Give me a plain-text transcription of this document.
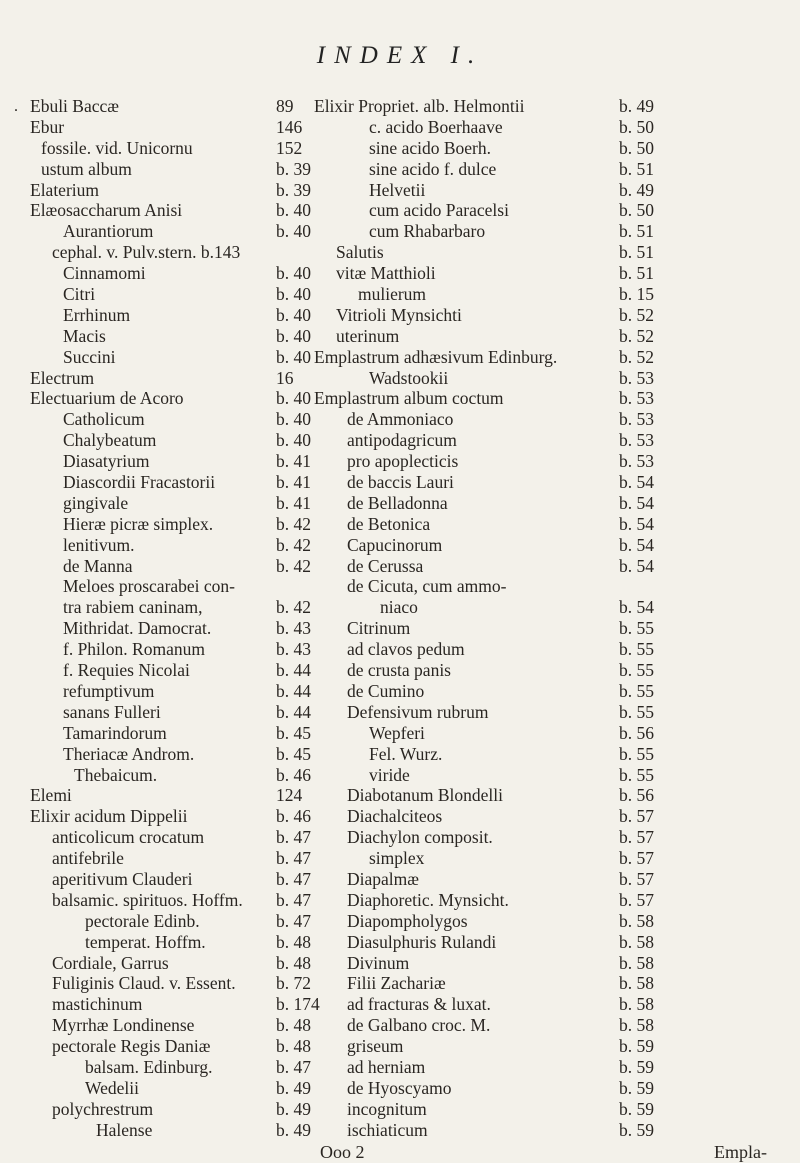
INDEX I.
. Ebuli Baccæ	89
Ebur	146
fossile. vid. Unicornu	152
ustum album	b. 39
Elaterium	b. 39
Elæosaccharum Anisi	b. 40
Aurantiorum	b. 40
cephal. v. Pulv.stern. b.143
Cinnamomi	b. 40
Citri	b. 40
Errhinum	b. 40
Macis	b. 40
Succini	b. 40
Electrum	16
Electuarium de Acoro	b. 40
Catholicum	b. 40
Chalybeatum	b. 40
Diasatyrium	b. 41
Diascordii Fracastorii	b. 41
gingivale	b. 41
Hieræ picræ simplex.	b. 42
lenitivum.	b. 42
de Manna	b. 42
Meloes proscarabei con-
tra rabiem caninam,	b. 42
Mithridat. Damocrat.	b. 43
f. Philon. Romanum	b. 43
f. Requies Nicolai	b. 44
refumptivum	b. 44
sanans Fulleri	b. 44
Tamarindorum	b. 45
Theriacæ Androm.	b. 45
Thebaicum.	b. 46
Elemi	124
Elixir acidum Dippelii	b. 46
anticolicum crocatum	b. 47
antifebrile	b. 47
aperitivum Clauderi	b. 47
balsamic. spirituos. Hoffm. b. 47
pectorale Edinb.	b. 47
temperat. Hoffm.	b. 48
Cordiale, Garrus	b. 48
Fuliginis Claud. v. Essent. b. 72
mastichinum	b. 174
Myrrhæ Londinense	b. 48
pectorale Regis Daniæ	b. 48
balsam. Edinburg.	b. 47
Wedelii	b. 49
polychrestrum	b. 49
Halense	b. 49
Elixir Propriet. alb. Helmontii	b. 49
c. acido Boerhaave	b. 50
sine acido Boerh.	b. 50
sine acido f. dulce	b. 51
Helvetii	b. 49
cum acido Paracelsi	b. 50
cum Rhabarbaro	b. 51
Salutis	b. 51
vitæ Matthioli	b. 51
mulierum	b. 15
Vitrioli Mynsichti	b. 52
uterinum	b. 52
Emplastrum adhæsivum Edinburg.	b. 52
Wadstookii	b. 53
Emplastrum album coctum	b. 53
de Ammoniaco	b. 53
antipodagricum	b. 53
pro apoplecticis	b. 53
de baccis Lauri	b. 54
de Belladonna	b. 54
de Betonica	b. 54
Capucinorum	b. 54
de Cerussa	b. 54
de Cicuta, cum ammo-
niaco	b. 54
Citrinum	b. 55
ad clavos pedum	b. 55
de crusta panis	b. 55
de Cumino	b. 55
Defensivum rubrum	b. 55
Wepferi	b. 56
Fel. Wurz.	b. 55
viride	b. 55
Diabotanum Blondelli	b. 56
Diachalciteos	b. 57
Diachylon composit.	b. 57
simplex	b. 57
Diapalmæ	b. 57
Diaphoretic. Mynsicht.	b. 57
Diapompholygos	b. 58
Diasulphuris Rulandi	b. 58
Divinum	b. 58
Filii Zachariæ	b. 58
ad fracturas & luxat.	b. 58
de Galbano croc. M.	b. 58
griseum	b. 59
ad herniam	b. 59
de Hyoscyamo	b. 59
incognitum	b. 59
ischiaticum	b. 59
Ooo 2	Empla-
